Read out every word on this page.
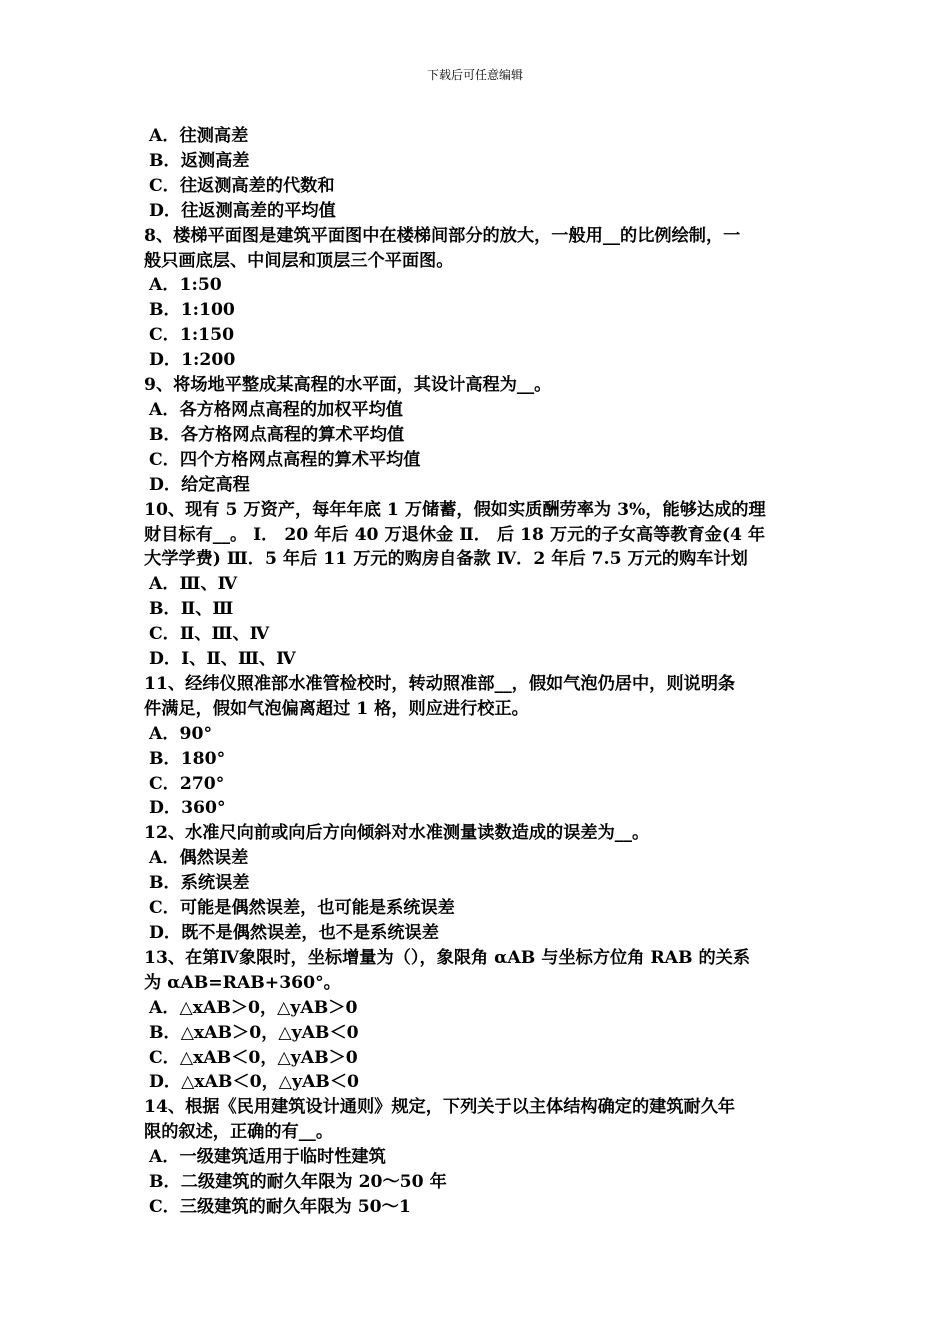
下载后可任意编辑
A．往测高差
B．返测高差
C．往返测高差的代数和
D．往返测高差的平均值
8、楼梯平面图是建筑平面图中在楼梯间部分的放大，一般用__的比例绘制，一
般只画底层、中间层和顶层三个平面图。
A．1:50
B．1:100
C．1:150
D．1:200
9、将场地平整成某高程的水平面，其设计高程为__。
A．各方格网点高程的加权平均值
B．各方格网点高程的算术平均值
C．四个方格网点高程的算术平均值
D．给定高程
10、现有 5 万资产，每年年底 1 万储蓄，假如实质酬劳率为 3%，能够达成的理
财目标有__。 Ⅰ． 20 年后 40 万退休金 Ⅱ． 后 18 万元的子女高等教育金(4 年
大学学费) Ⅲ．5 年后 11 万元的购房自备款 Ⅳ．2 年后 7.5 万元的购车计划
A．Ⅲ、Ⅳ
B．Ⅱ、Ⅲ
C．Ⅱ、Ⅲ、Ⅳ
D．Ⅰ、Ⅱ、Ⅲ、Ⅳ
11、经纬仪照准部水准管检校时，转动照准部__，假如气泡仍居中，则说明条
件满足，假如气泡偏离超过 1 格，则应进行校正。
A．90°
B．180°
C．270°
D．360°
12、水准尺向前或向后方向倾斜对水准测量读数造成的误差为__。
A．偶然误差
B．系统误差
C．可能是偶然误差，也可能是系统误差
D．既不是偶然误差，也不是系统误差
13、在第Ⅳ象限时，坐标增量为（），象限角 αAB 与坐标方位角 RAB 的关系
为 αAB=RAB+360°。
A．△xAB＞0，△yAB＞0
B．△xAB＞0，△yAB＜0
C．△xAB＜0，△yAB＞0
D．△xAB＜0，△yAB＜0
14、根据《民用建筑设计通则》规定，下列关于以主体结构确定的建筑耐久年
限的叙述，正确的有__。
A．一级建筑适用于临时性建筑
B．二级建筑的耐久年限为 20～50 年
C．三级建筑的耐久年限为 50～1
